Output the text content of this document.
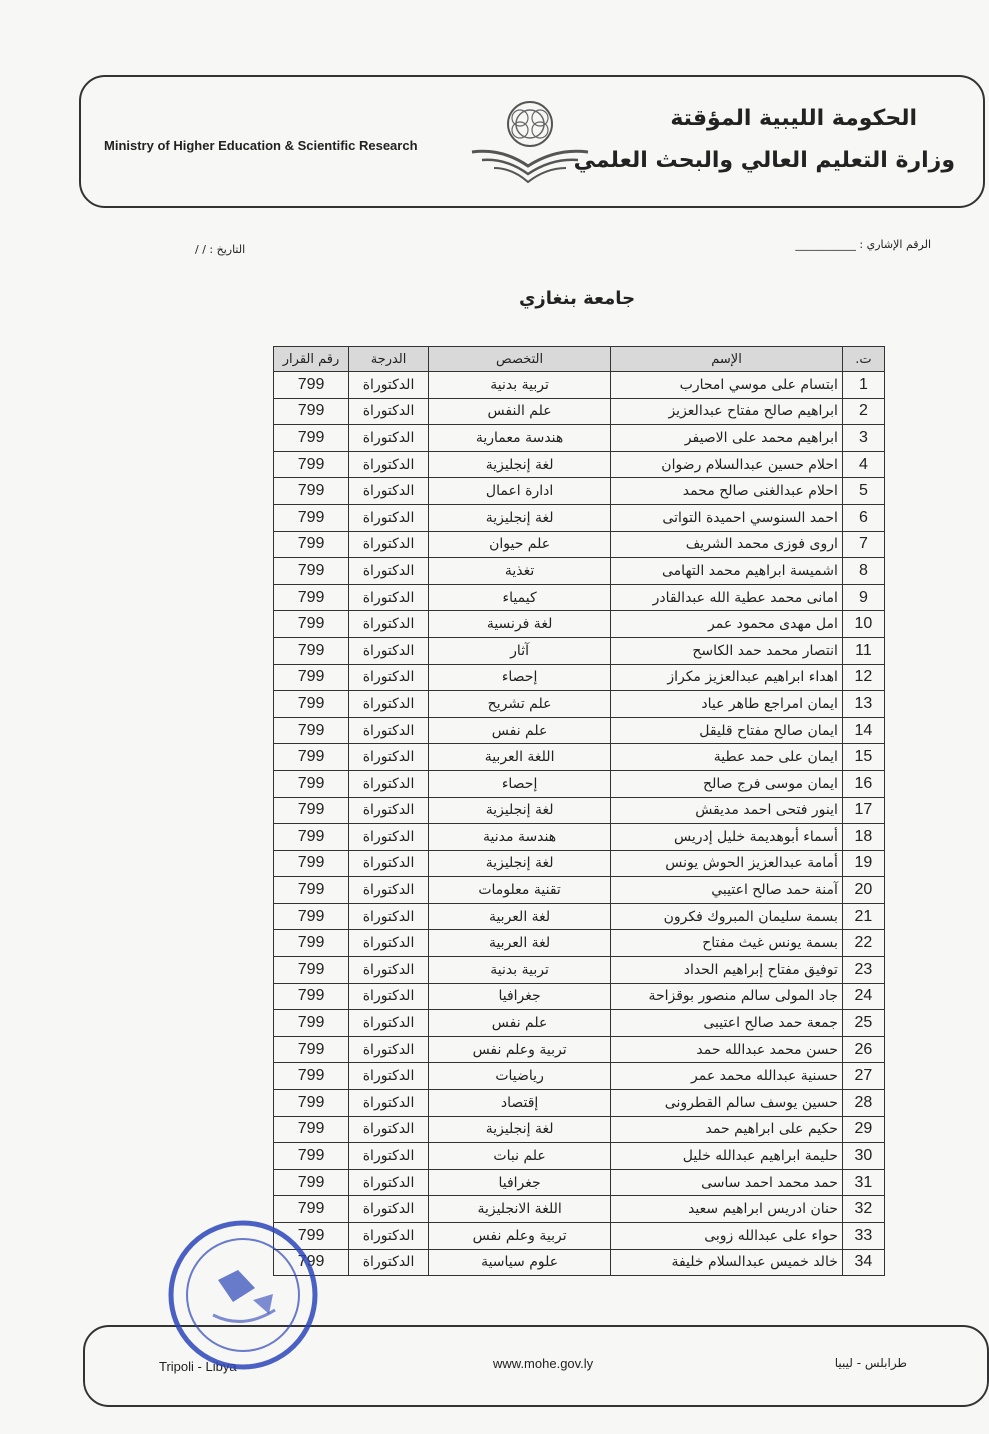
الحكومة الليبية المؤقتة
وزارة التعليم العالي والبحث العلمي
Ministry of Higher Education & Scientific Research
الرقم الإشاري : ___________
التاريخ : / /
جامعة بنغازي
ت.	الإسم	التخصص	الدرجة	رقم القرار
1	ابتسام على موسي امحارب	تربية بدنية	الدكتوراة	799
2	ابراهيم صالح مفتاح عبدالعزيز	علم النفس	الدكتوراة	799
3	ابراهيم محمد على الاصيفر	هندسة معمارية	الدكتوراة	799
4	احلام حسين عبدالسلام رضوان	لغة إنجليزية	الدكتوراة	799
5	احلام عبدالغنى صالح محمد	ادارة اعمال	الدكتوراة	799
6	احمد السنوسي احميدة التواتى	لغة إنجليزية	الدكتوراة	799
7	اروى فوزى محمد الشريف	علم حيوان	الدكتوراة	799
8	اشميسة ابراهيم محمد التهامى	تغذية	الدكتوراة	799
9	امانى محمد عطية الله عبدالقادر	كيمياء	الدكتوراة	799
10	امل مهدى محمود عمر	لغة فرنسية	الدكتوراة	799
11	انتصار محمد حمد الكاسح	آثار	الدكتوراة	799
12	اهداء ابراهيم عبدالعزيز مكراز	إحصاء	الدكتوراة	799
13	ايمان امراجع طاهر عياد	علم تشريح	الدكتوراة	799
14	ايمان صالح مفتاح قليقل	علم نفس	الدكتوراة	799
15	ايمان على حمد عطية	اللغة العربية	الدكتوراة	799
16	ايمان موسى فرج صالح	إحصاء	الدكتوراة	799
17	اينور فتحى احمد مديقش	لغة إنجليزية	الدكتوراة	799
18	أسماء أبوهديمة خليل إدريس	هندسة مدنية	الدكتوراة	799
19	أمامة عبدالعزيز الحوش يونس	لغة إنجليزية	الدكتوراة	799
20	آمنة حمد صالح اعتيبي	تقنية معلومات	الدكتوراة	799
21	بسمة سليمان المبروك فكرون	لغة العربية	الدكتوراة	799
22	بسمة يونس غيث مفتاح	لغة العربية	الدكتوراة	799
23	توفيق مفتاح إبراهيم الحداد	تربية بدنية	الدكتوراة	799
24	جاد المولى سالم منصور بوقزاحة	جغرافيا	الدكتوراة	799
25	جمعة حمد صالح اعتيبى	علم نفس	الدكتوراة	799
26	حسن محمد عبدالله حمد	تربية وعلم نفس	الدكتوراة	799
27	حسنية عبدالله محمد عمر	رياضيات	الدكتوراة	799
28	حسين يوسف سالم القطرونى	إقتصاد	الدكتوراة	799
29	حكيم على ابراهيم حمد	لغة إنجليزية	الدكتوراة	799
30	حليمة ابراهيم عبدالله خليل	علم نبات	الدكتوراة	799
31	حمد محمد احمد ساسى	جغرافيا	الدكتوراة	799
32	حنان ادريس ابراهيم سعيد	اللغة الانجليزية	الدكتوراة	799
33	حواء على عبدالله زوبى	تربية وعلم نفس	الدكتوراة	799
34	خالد خميس عبدالسلام خليفة	علوم سياسية	الدكتوراة	799
Tripoli - Libya	www.mohe.gov.ly	طرابلس - ليبيا
